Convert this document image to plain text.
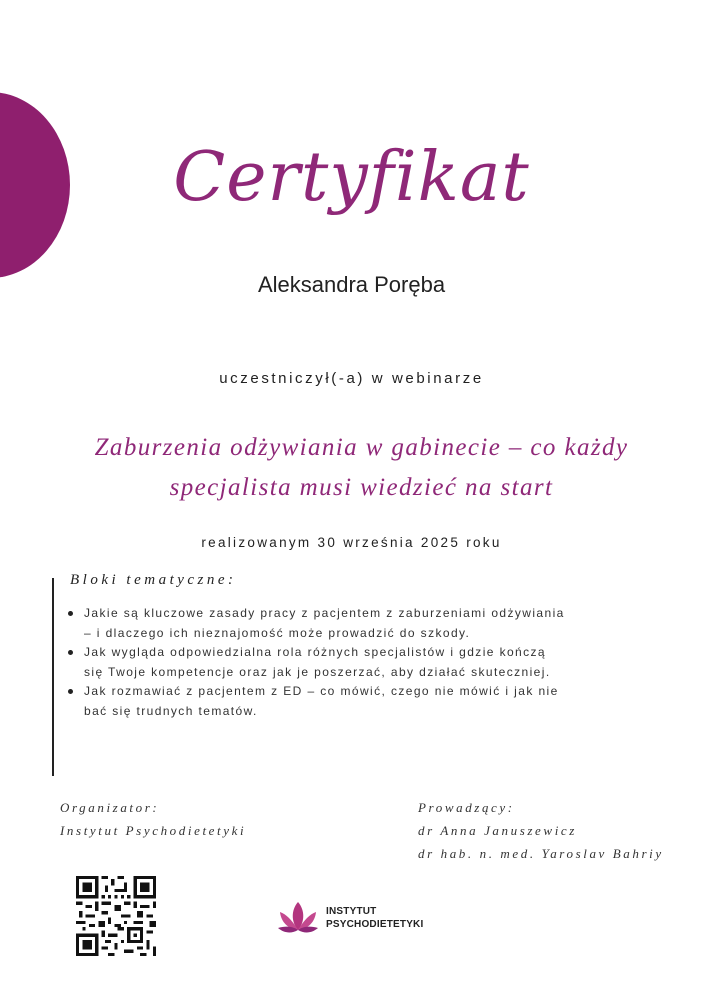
Certyfikat
Aleksandra Poręba
uczestniczył(-a) w webinarze
Zaburzenia odżywiania w gabinecie – co każdy specjalista musi wiedzieć na start
realizowanym 30 września 2025 roku
Bloki tematyczne:
Jakie są kluczowe zasady pracy z pacjentem z zaburzeniami odżywiania – i dlaczego ich nieznajomość może prowadzić do szkody.
Jak wygląda odpowiedzialna rola różnych specjalistów i gdzie kończą się Twoje kompetencje oraz jak je poszerzać, aby działać skuteczniej.
Jak rozmawiać z pacjentem z ED – co mówić, czego nie mówić i jak nie bać się trudnych tematów.
Organizator:
Instytut Psychodietetyki
Prowadzący:
dr Anna Januszewicz
dr hab. n. med. Yaroslav Bahriy
INSTYTUT
PSYCHODIETETYKI
